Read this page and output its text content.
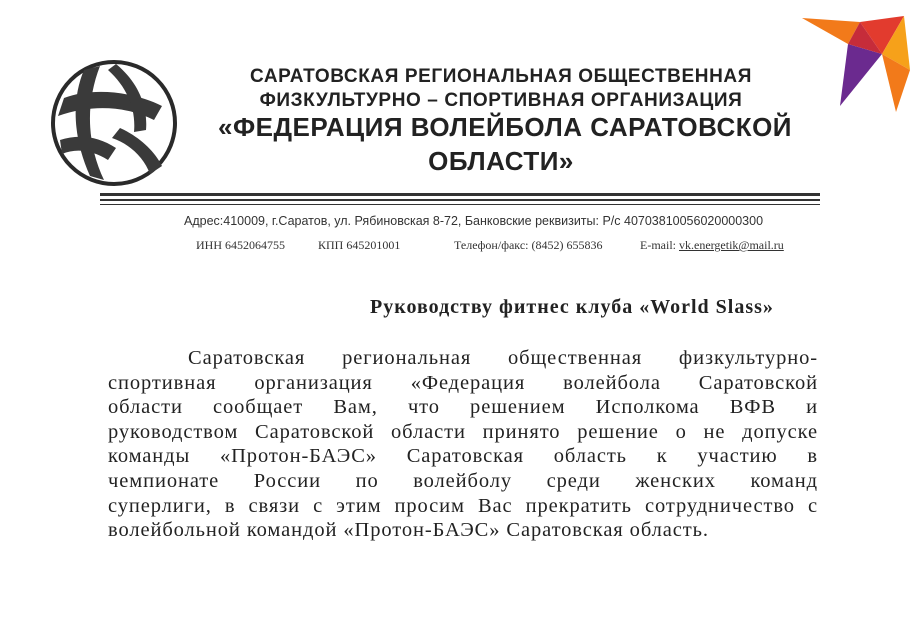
САРАТОВСКАЯ РЕГИОНАЛЬНАЯ ОБЩЕСТВЕННАЯ
ФИЗКУЛЬТУРНО – СПОРТИВНАЯ ОРГАНИЗАЦИЯ
«ФЕДЕРАЦИЯ ВОЛЕЙБОЛА САРАТОВСКОЙ
ОБЛАСТИ»
Адрес:410009, г.Саратов, ул. Рябиновская 8-72, Банковские реквизиты: Р/с 40703810056020000300
ИНН 6452064755	КПП 645201001	Телефон/факс: (8452) 655836	E-mail: vk.energetik@mail.ru
Руководству фитнес клуба «World Slass»
Саратовская региональная общественная физкультурно-
спортивная организация «Федерация волейбола Саратовской
области сообщает Вам, что решением Исполкома ВФВ и
руководством Саратовской области принято решение о не допуске
команды «Протон-БАЭС» Саратовская область к участию в
чемпионате России по волейболу среди женских команд
суперлиги, в связи с этим просим Вас прекратить сотрудничество с
волейбольной командой «Протон-БАЭС» Саратовская область.
